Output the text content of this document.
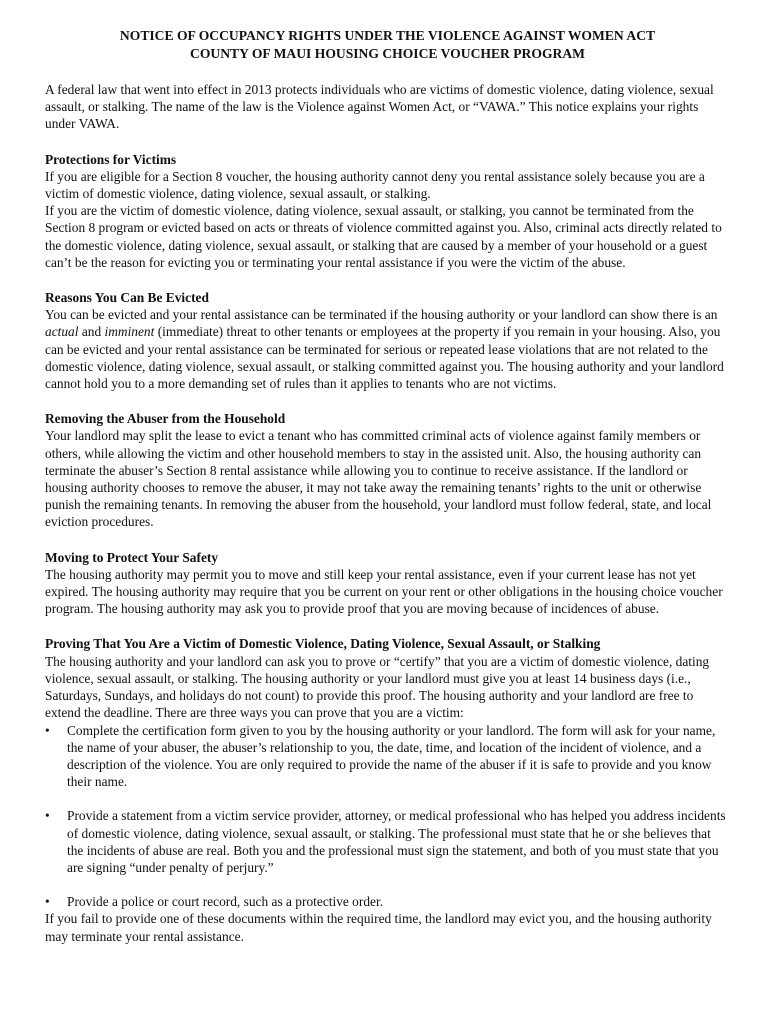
NOTICE OF OCCUPANCY RIGHTS UNDER THE VIOLENCE AGAINST WOMEN ACT
COUNTY OF MAUI HOUSING CHOICE VOUCHER PROGRAM

A federal law that went into effect in 2013 protects individuals who are victims of domestic violence, dating violence, sexual assault, or stalking. The name of the law is the Violence against Women Act, or “VAWA.” This notice explains your rights under VAWA.

Protections for Victims

If you are eligible for a Section 8 voucher, the housing authority cannot deny you rental assistance solely because you are a victim of domestic violence, dating violence, sexual assault, or stalking.

If you are the victim of domestic violence, dating violence, sexual assault, or stalking, you cannot be terminated from the Section 8 program or evicted based on acts or threats of violence committed against you. Also, criminal acts directly related to the domestic violence, dating violence, sexual assault, or stalking that are caused by a member of your household or a guest can’t be the reason for evicting you or terminating your rental assistance if you were the victim of the abuse.

Reasons You Can Be Evicted

You can be evicted and your rental assistance can be terminated if the housing authority or your landlord can show there is an actual and imminent (immediate) threat to other tenants or employees at the property if you remain in your housing. Also, you can be evicted and your rental assistance can be terminated for serious or repeated lease violations that are not related to the domestic violence, dating violence, sexual assault, or stalking committed against you. The housing authority and your landlord cannot hold you to a more demanding set of rules than it applies to tenants who are not victims.

Removing the Abuser from the Household

Your landlord may split the lease to evict a tenant who has committed criminal acts of violence against family members or others, while allowing the victim and other household members to stay in the assisted unit. Also, the housing authority can terminate the abuser’s Section 8 rental assistance while allowing you to continue to receive assistance. If the landlord or housing authority chooses to remove the abuser, it may not take away the remaining tenants’ rights to the unit or otherwise punish the remaining tenants. In removing the abuser from the household, your landlord must follow federal, state, and local eviction procedures.

Moving to Protect Your Safety

The housing authority may permit you to move and still keep your rental assistance, even if your current lease has not yet expired. The housing authority may require that you be current on your rent or other obligations in the housing choice voucher program. The housing authority may ask you to provide proof that you are moving because of incidences of abuse.

Proving That You Are a Victim of Domestic Violence, Dating Violence, Sexual Assault, or Stalking

The housing authority and your landlord can ask you to prove or “certify” that you are a victim of domestic violence, dating violence, sexual assault, or stalking. The housing authority or your landlord must give you at least 14 business days (i.e., Saturdays, Sundays, and holidays do not count) to provide this proof. The housing authority and your landlord are free to extend the deadline. There are three ways you can prove that you are a victim:

• Complete the certification form given to you by the housing authority or your landlord. The form will ask for your name, the name of your abuser, the abuser’s relationship to you, the date, time, and location of the incident of violence, and a description of the violence. You are only required to provide the name of the abuser if it is safe to provide and you know their name.
• Provide a statement from a victim service provider, attorney, or medical professional who has helped you address incidents of domestic violence, dating violence, sexual assault, or stalking. The professional must state that he or she believes that the incidents of abuse are real. Both you and the professional must sign the statement, and both of you must state that you are signing “under penalty of perjury.”
• Provide a police or court record, such as a protective order.

If you fail to provide one of these documents within the required time, the landlord may evict you, and the housing authority may terminate your rental assistance.
